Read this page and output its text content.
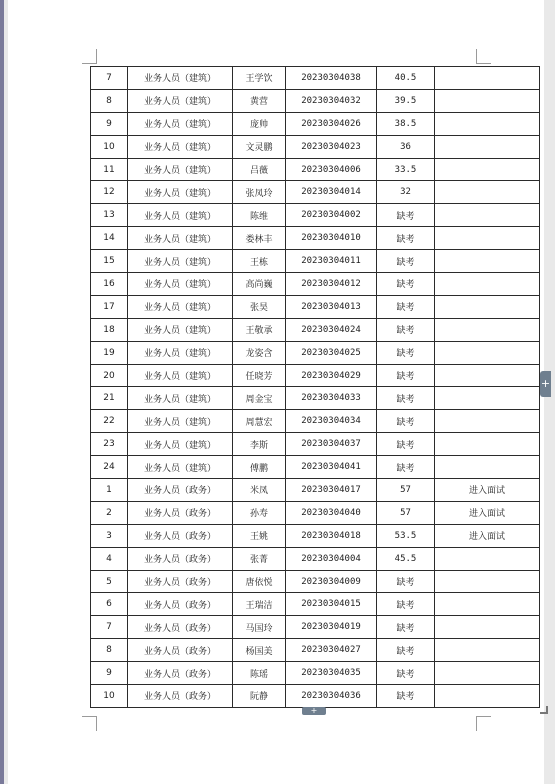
7	业务人员（建筑）	王学饮	20230304038	40.5	
8	业务人员（建筑）	黄营	20230304032	39.5	
9	业务人员（建筑）	庞帅	20230304026	38.5	
10	业务人员（建筑）	文灵鹏	20230304023	36	
11	业务人员（建筑）	吕薇	20230304006	33.5	
12	业务人员（建筑）	张凤玲	20230304014	32	
13	业务人员（建筑）	陈维	20230304002	缺考	
14	业务人员（建筑）	娄林丰	20230304010	缺考	
15	业务人员（建筑）	王栋	20230304011	缺考	
16	业务人员（建筑）	高尚巍	20230304012	缺考	
17	业务人员（建筑）	张昊	20230304013	缺考	
18	业务人员（建筑）	王敬承	20230304024	缺考	
19	业务人员（建筑）	龙姿含	20230304025	缺考	
20	业务人员（建筑）	任晓芳	20230304029	缺考	
21	业务人员（建筑）	周金宝	20230304033	缺考	
22	业务人员（建筑）	周慧宏	20230304034	缺考	
23	业务人员（建筑）	李斯	20230304037	缺考	
24	业务人员（建筑）	傅鹏	20230304041	缺考	
1	业务人员（政务）	米凤	20230304017	57	进入面试
2	业务人员（政务）	孙寿	20230304040	57	进入面试
3	业务人员（政务）	王姚	20230304018	53.5	进入面试
4	业务人员（政务）	张菁	20230304004	45.5	
5	业务人员（政务）	唐依悦	20230304009	缺考	
6	业务人员（政务）	王瑞洁	20230304015	缺考	
7	业务人员（政务）	马国玲	20230304019	缺考	
8	业务人员（政务）	杨国美	20230304027	缺考	
9	业务人员（政务）	陈瑶	20230304035	缺考	
10	业务人员（政务）	阮静	20230304036	缺考	
+
+
